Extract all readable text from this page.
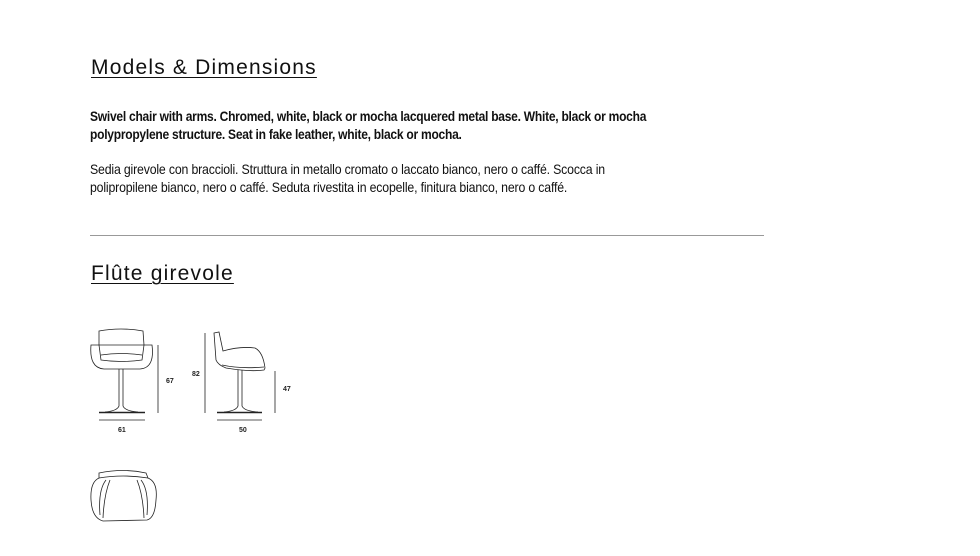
Models & Dimensions
Swivel chair with arms. Chromed, white, black or mocha lacquered metal base. White, black or mocha
polypropylene structure. Seat in fake leather, white, black or mocha.
Sedia girevole con braccioli. Struttura in metallo cromato o laccato bianco, nero o caffé. Scocca in
polipropilene bianco, nero o caffé. Seduta rivestita in ecopelle, finitura bianco, nero o caffé.
Flûte girevole
67
61
82
47
50
